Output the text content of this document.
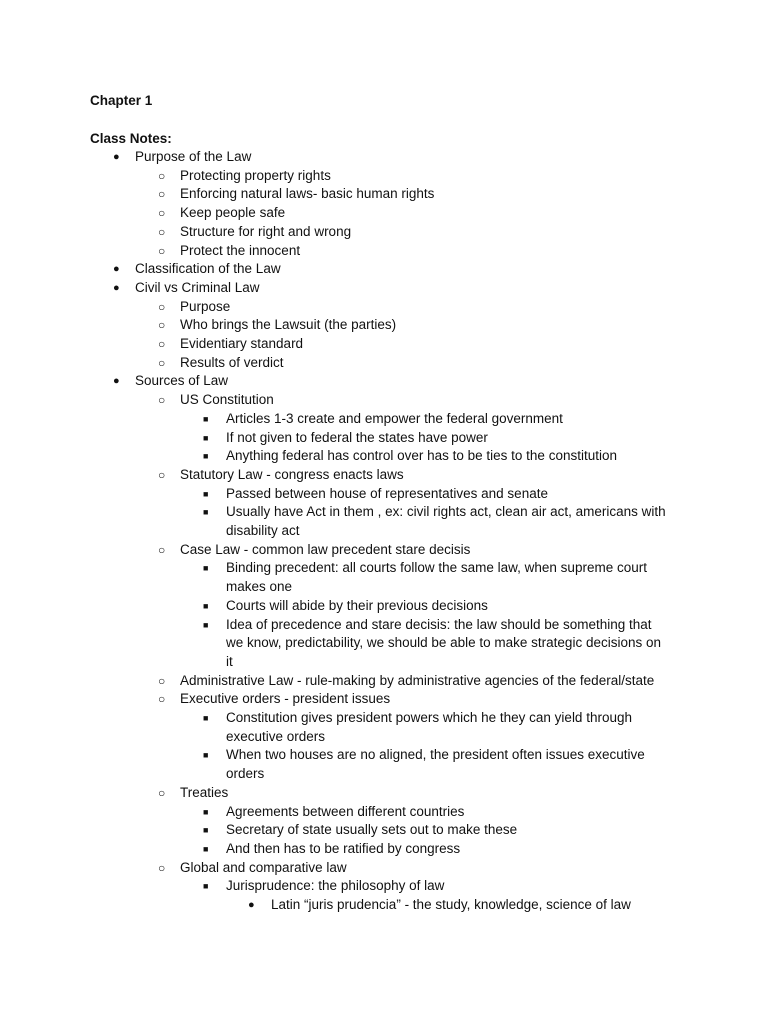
Chapter 1
Class Notes:
● Purpose of the Law
○ Protecting property rights
○ Enforcing natural laws- basic human rights
○ Keep people safe
○ Structure for right and wrong
○ Protect the innocent
● Classification of the Law
● Civil vs Criminal Law
○ Purpose
○ Who brings the Lawsuit (the parties)
○ Evidentiary standard
○ Results of verdict
● Sources of Law
○ US Constitution
■ Articles 1-3 create and empower the federal government
■ If not given to federal the states have power
■ Anything federal has control over has to be ties to the constitution
○ Statutory Law - congress enacts laws
■ Passed between house of representatives and senate
■ Usually have Act in them , ex: civil rights act, clean air act, americans with
disability act
○ Case Law - common law precedent stare decisis
■ Binding precedent: all courts follow the same law, when supreme court
makes one
■ Courts will abide by their previous decisions
■ Idea of precedence and stare decisis: the law should be something that
we know, predictability, we should be able to make strategic decisions on
it
○ Administrative Law - rule-making by administrative agencies of the federal/state
○ Executive orders - president issues
■ Constitution gives president powers which he they can yield through
executive orders
■ When two houses are no aligned, the president often issues executive
orders
○ Treaties
■ Agreements between different countries
■ Secretary of state usually sets out to make these
■ And then has to be ratified by congress
○ Global and comparative law
■ Jurisprudence: the philosophy of law
● Latin “juris prudencia” - the study, knowledge, science of law
